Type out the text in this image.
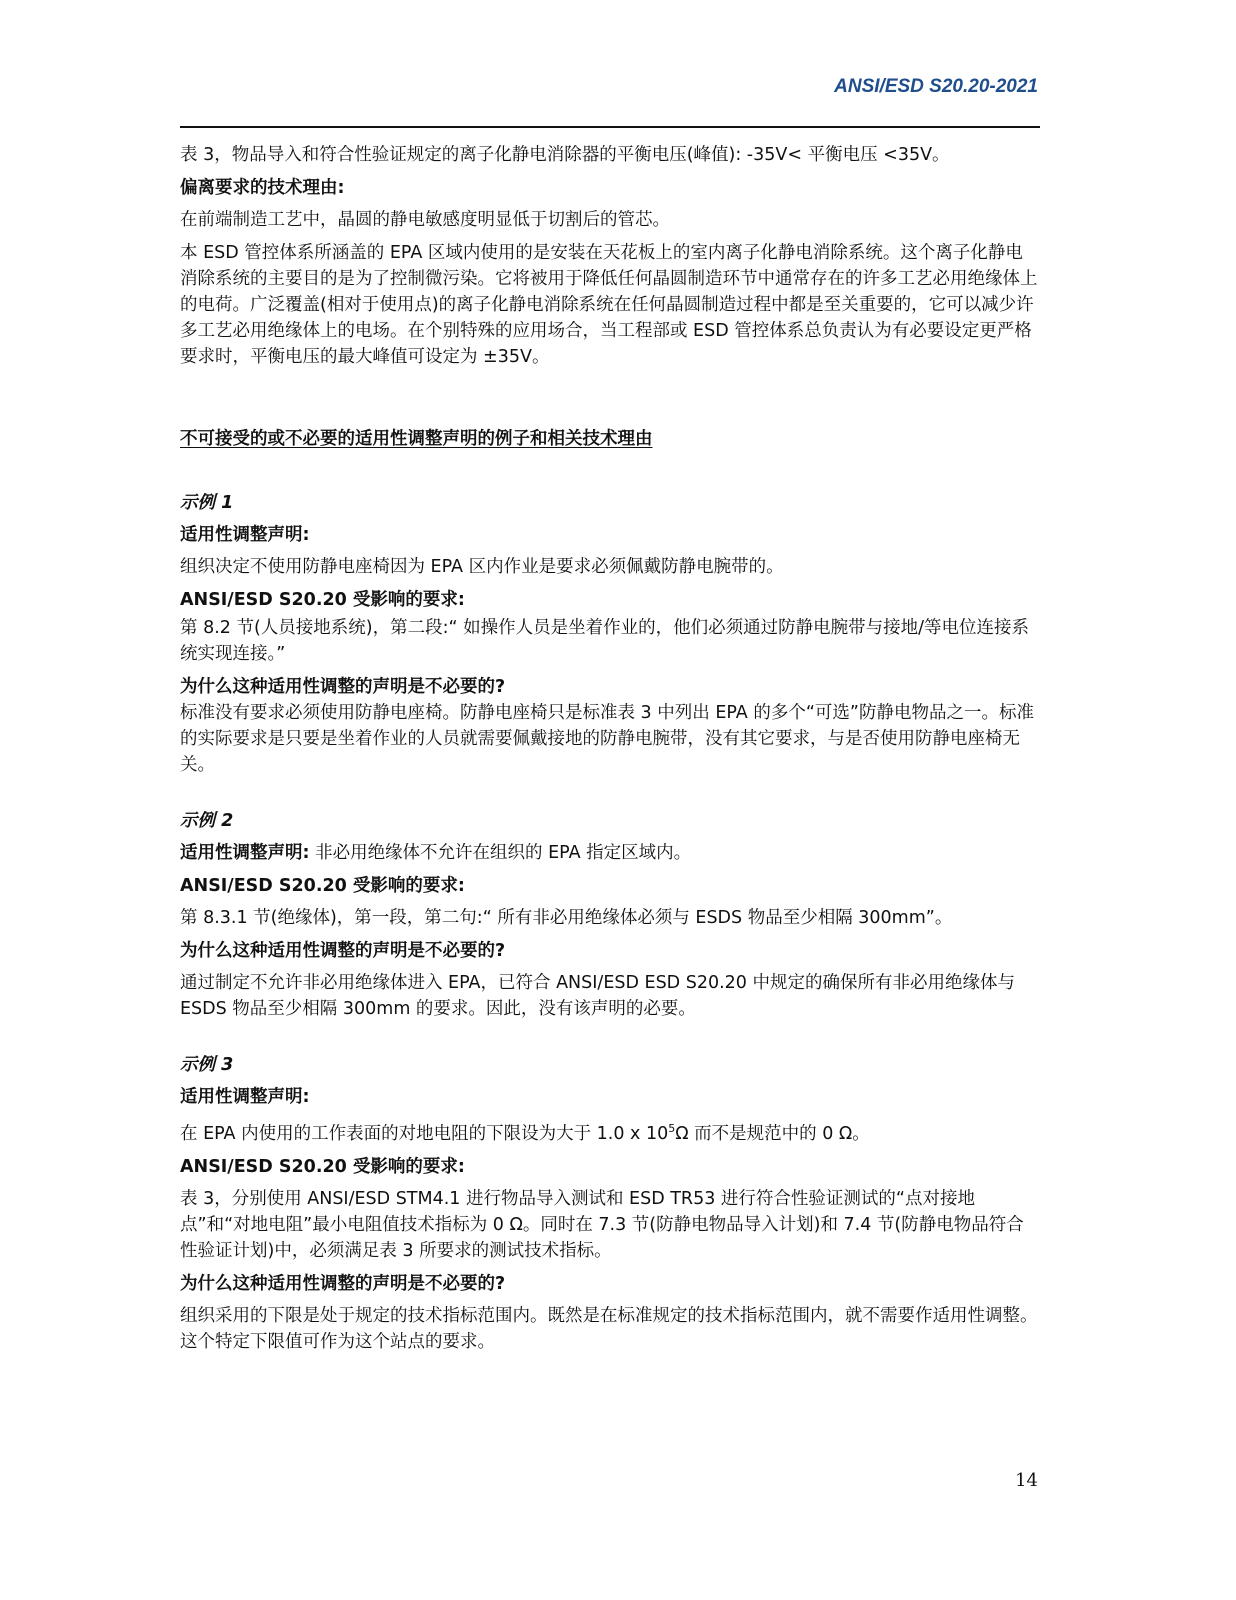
ANSI/ESD S20.20-2021

表 3，物品导入和符合性验证规定的离子化静电消除器的平衡电压(峰值): -35V< 平衡电压 <35V。

偏离要求的技术理由:

在前端制造工艺中，晶圆的静电敏感度明显低于切割后的管芯。

本 ESD 管控体系所涵盖的 EPA 区域内使用的是安装在天花板上的室内离子化静电消除系统。这个离子化静电消除系统的主要目的是为了控制微污染。它将被用于降低任何晶圆制造环节中通常存在的许多工艺必用绝缘体上的电荷。广泛覆盖(相对于使用点)的离子化静电消除系统在任何晶圆制造过程中都是至关重要的，它可以减少许多工艺必用绝缘体上的电场。在个别特殊的应用场合，当工程部或 ESD 管控体系总负责认为有必要设定更严格要求时，平衡电压的最大峰值可设定为 ±35V。

不可接受的或不必要的适用性调整声明的例子和相关技术理由

示例 1

适用性调整声明:

组织决定不使用防静电座椅因为 EPA 区内作业是要求必须佩戴防静电腕带的。

ANSI/ESD S20.20 受影响的要求:

第 8.2 节(人员接地系统)，第二段:“ 如操作人员是坐着作业的，他们必须通过防静电腕带与接地/等电位连接系统实现连接。”

为什么这种适用性调整的声明是不必要的?

标准没有要求必须使用防静电座椅。防静电座椅只是标准表 3 中列出 EPA 的多个“可选”防静电物品之一。标准的实际要求是只要是坐着作业的人员就需要佩戴接地的防静电腕带，没有其它要求，与是否使用防静电座椅无关。

示例 2

适用性调整声明: 非必用绝缘体不允许在组织的 EPA 指定区域内。

ANSI/ESD S20.20 受影响的要求:

第 8.3.1 节(绝缘体)，第一段，第二句:“ 所有非必用绝缘体必须与 ESDS 物品至少相隔 300mm”。

为什么这种适用性调整的声明是不必要的?

通过制定不允许非必用绝缘体进入 EPA，已符合 ANSI/ESD ESD S20.20 中规定的确保所有非必用绝缘体与 ESDS 物品至少相隔 300mm 的要求。因此，没有该声明的必要。

示例 3

适用性调整声明:

在 EPA 内使用的工作表面的对地电阻的下限设为大于 1.0 x $10^5\Omega$ 而不是规范中的 0 Ω。

ANSI/ESD S20.20 受影响的要求:

表 3，分别使用 ANSI/ESD STM4.1 进行物品导入测试和 ESD TR53 进行符合性验证测试的“点对接地点”和“对地电阻”最小电阻值技术指标为 0 Ω。同时在 7.3 节(防静电物品导入计划)和 7.4 节(防静电物品符合性验证计划)中，必须满足表 3 所要求的测试技术指标。

为什么这种适用性调整的声明是不必要的?

组织采用的下限是处于规定的技术指标范围内。既然是在标准规定的技术指标范围内，就不需要作适用性调整。这个特定下限值可作为这个站点的要求。

14
